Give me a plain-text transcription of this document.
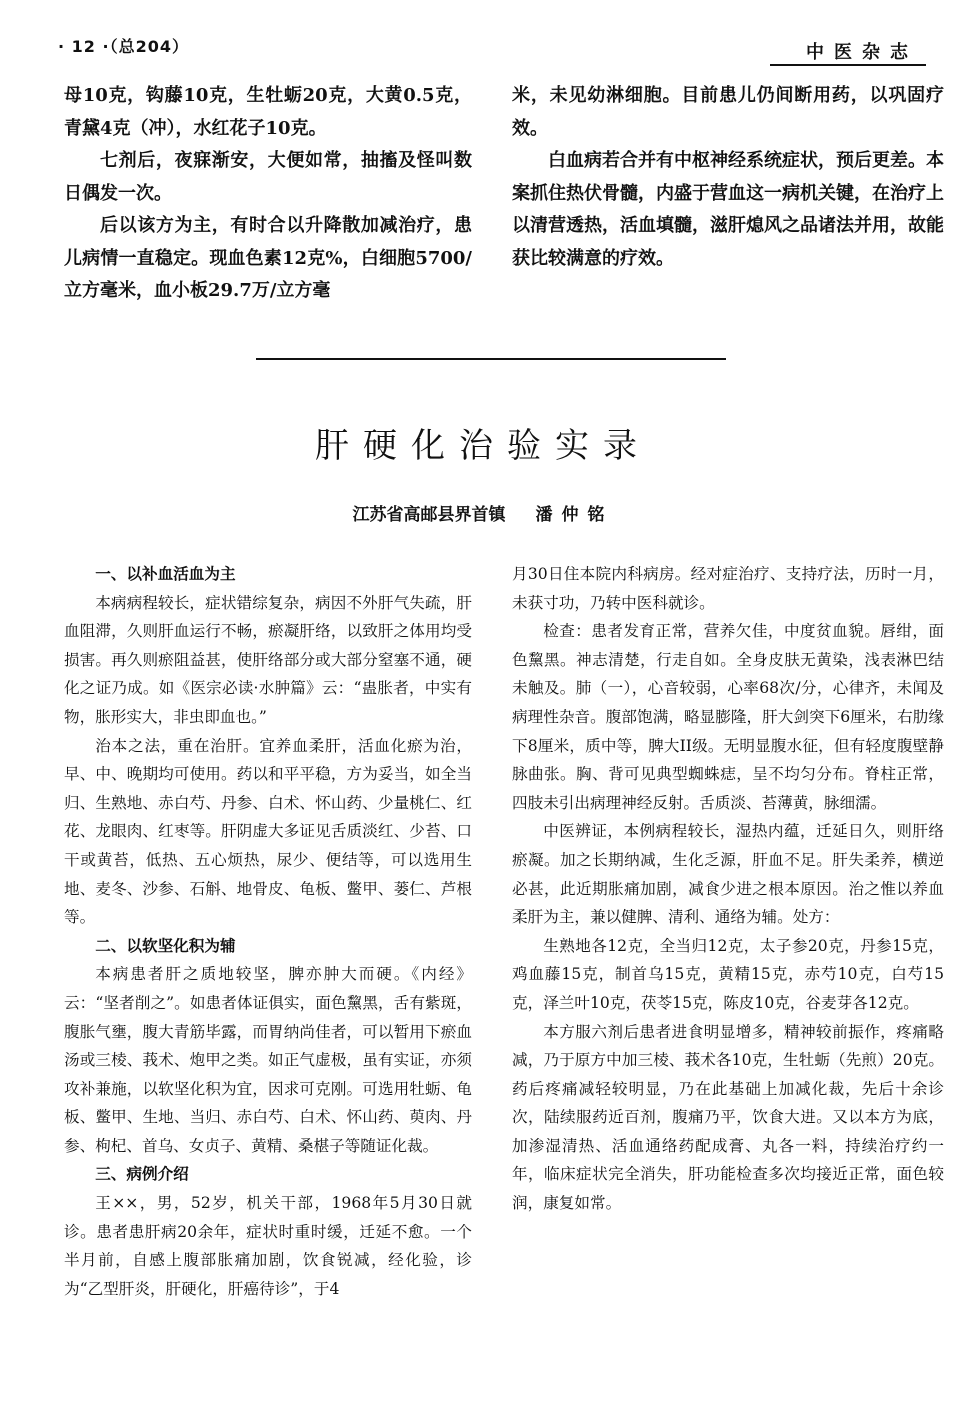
· 12 ·（总204）	中医杂志

母10克，钩藤10克，生牡蛎20克，大黄0.5克，青黛4克（冲），水红花子10克。

七剂后，夜寐渐安，大便如常，抽搐及怪叫数日偶发一次。

后以该方为主，有时合以升降散加减治疗，患儿病情一直稳定。现血色素12克%，白细胞5700/立方毫米，血小板29.7万/立方毫

米，未见幼淋细胞。目前患儿仍间断用药，以巩固疗效。

白血病若合并有中枢神经系统症状，预后更差。本案抓住热伏骨髓，内盛于营血这一病机关键，在治疗上以清营透热，活血填髓，滋肝熄风之品诸法并用，故能获比较满意的疗效。

肝硬化治验实录
江苏省高邮县界首镇 潘仲铭

一、以补血活血为主

本病病程较长，症状错综复杂，病因不外肝气失疏，肝血阻滞，久则肝血运行不畅，瘀凝肝络，以致肝之体用均受损害。再久则瘀阻益甚，使肝络部分或大部分窒塞不通，硬化之证乃成。如《医宗必读·水肿篇》云：“蛊胀者，中实有物，胀形实大，非虫即血也。”

治本之法，重在治肝。宜养血柔肝，活血化瘀为治，早、中、晚期均可使用。药以和平平稳，方为妥当，如全当归、生熟地、赤白芍、丹参、白术、怀山药、少量桃仁、红花、龙眼肉、红枣等。肝阴虚大多证见舌质淡红、少苔、口干或黄苔，低热、五心烦热，尿少、便结等，可以选用生地、麦冬、沙参、石斛、地骨皮、龟板、鳖甲、蒌仁、芦根等。

二、以软坚化积为辅

本病患者肝之质地较坚，脾亦肿大而硬。《内经》云：“坚者削之”。如患者体证俱实，面色黧黑，舌有紫斑，腹胀气壅，腹大青筋毕露，而胃纳尚佳者，可以暂用下瘀血汤或三棱、莪术、炮甲之类。如正气虚极，虽有实证，亦须攻补兼施，以软坚化积为宜，因求可克刚。可选用牡蛎、龟板、鳖甲、生地、当归、赤白芍、白术、怀山药、萸肉、丹参、枸杞、首乌、女贞子、黄精、桑椹子等随证化裁。

三、病例介绍

王××，男，52岁，机关干部，1968年5月30日就诊。患者患肝病20余年，症状时重时缓，迁延不愈。一个半月前，自感上腹部胀痛加剧，饮食锐减，经化验，诊为“乙型肝炎，肝硬化，肝癌待诊”，于4

月30日住本院内科病房。经对症治疗、支持疗法，历时一月，未获寸功，乃转中医科就诊。

检查：患者发育正常，营养欠佳，中度贫血貌。唇绀，面色黧黑。神志清楚，行走自如。全身皮肤无黄染，浅表淋巴结未触及。肺（一），心音较弱，心率68次/分，心律齐，未闻及病理性杂音。腹部饱满，略显膨隆，肝大剑突下6厘米，右肋缘下8厘米，质中等，脾大II级。无明显腹水征，但有轻度腹壁静脉曲张。胸、背可见典型蜘蛛痣，呈不均匀分布。脊柱正常，四肢未引出病理神经反射。舌质淡、苔薄黄，脉细濡。

中医辨证，本例病程较长，湿热内蕴，迁延日久，则肝络瘀凝。加之长期纳减，生化乏源，肝血不足。肝失柔养，横逆必甚，此近期胀痛加剧，减食少进之根本原因。治之惟以养血柔肝为主，兼以健脾、清利、通络为辅。处方：

生熟地各12克，全当归12克，太子参20克，丹参15克，鸡血藤15克，制首乌15克，黄精15克，赤芍10克，白芍15克，泽兰叶10克，茯苓15克，陈皮10克，谷麦芽各12克。

本方服六剂后患者进食明显增多，精神较前振作，疼痛略减，乃于原方中加三棱、莪术各10克，生牡蛎（先煎）20克。药后疼痛减轻较明显，乃在此基础上加减化裁，先后十余诊次，陆续服药近百剂，腹痛乃平，饮食大进。又以本方为底，加渗湿清热、活血通络药配成膏、丸各一料，持续治疗约一年，临床症状完全消失，肝功能检查多次均接近正常，面色较润，康复如常。
